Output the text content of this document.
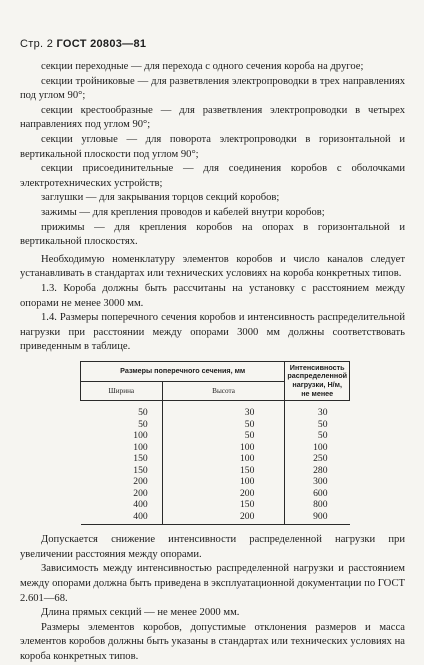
Стр. 2 ГОСТ 20803—81

секции переходные — для перехода с одного сечения короба на другое;

секции тройниковые — для разветвления электропроводки в трех направлениях под углом 90°;

секции крестообразные — для разветвления электропроводки в четырех направлениях под углом 90°;

секции угловые — для поворота электропроводки в горизонтальной и вертикальной плоскости под углом 90°;

секции присоединительные — для соединения коробов с оболочками электротехнических устройств;

заглушки — для закрывания торцов секций коробов;

зажимы — для крепления проводов и кабелей внутри коробов;

прижимы — для крепления коробов на опорах в горизонтальной и вертикальной плоскостях.

Необходимую номенклатуру элементов коробов и число каналов следует устанавливать в стандартах или технических условиях на короба конкретных типов.

1.3. Короба должны быть рассчитаны на установку с расстоянием между опорами не менее 3000 мм.

1.4. Размеры поперечного сечения коробов и интенсивность распределительной нагрузки при расстоянии между опорами 3000 мм должны соответствовать приведенным в таблице.

Размеры поперечного сечения, мм		Интенсивность распределенной нагрузки, Н/м, не менее
Ширина	Высота	
50	30	30
50	50	50
100	50	50
100	100	100
150	100	250
150	150	280
200	100	300
200	200	600
400	150	800
400	200	900

Допускается снижение интенсивности распределенной нагрузки при увеличении расстояния между опорами.

Зависимость между интенсивностью распределенной нагрузки и расстоянием между опорами должна быть приведена в эксплуатационной документации по ГОСТ 2.601—68.

Длина прямых секций — не менее 2000 мм.

Размеры элементов коробов, допустимые отклонения размеров и масса элементов коробов должны быть указаны в стандартах или технических условиях на короба конкретных типов.
